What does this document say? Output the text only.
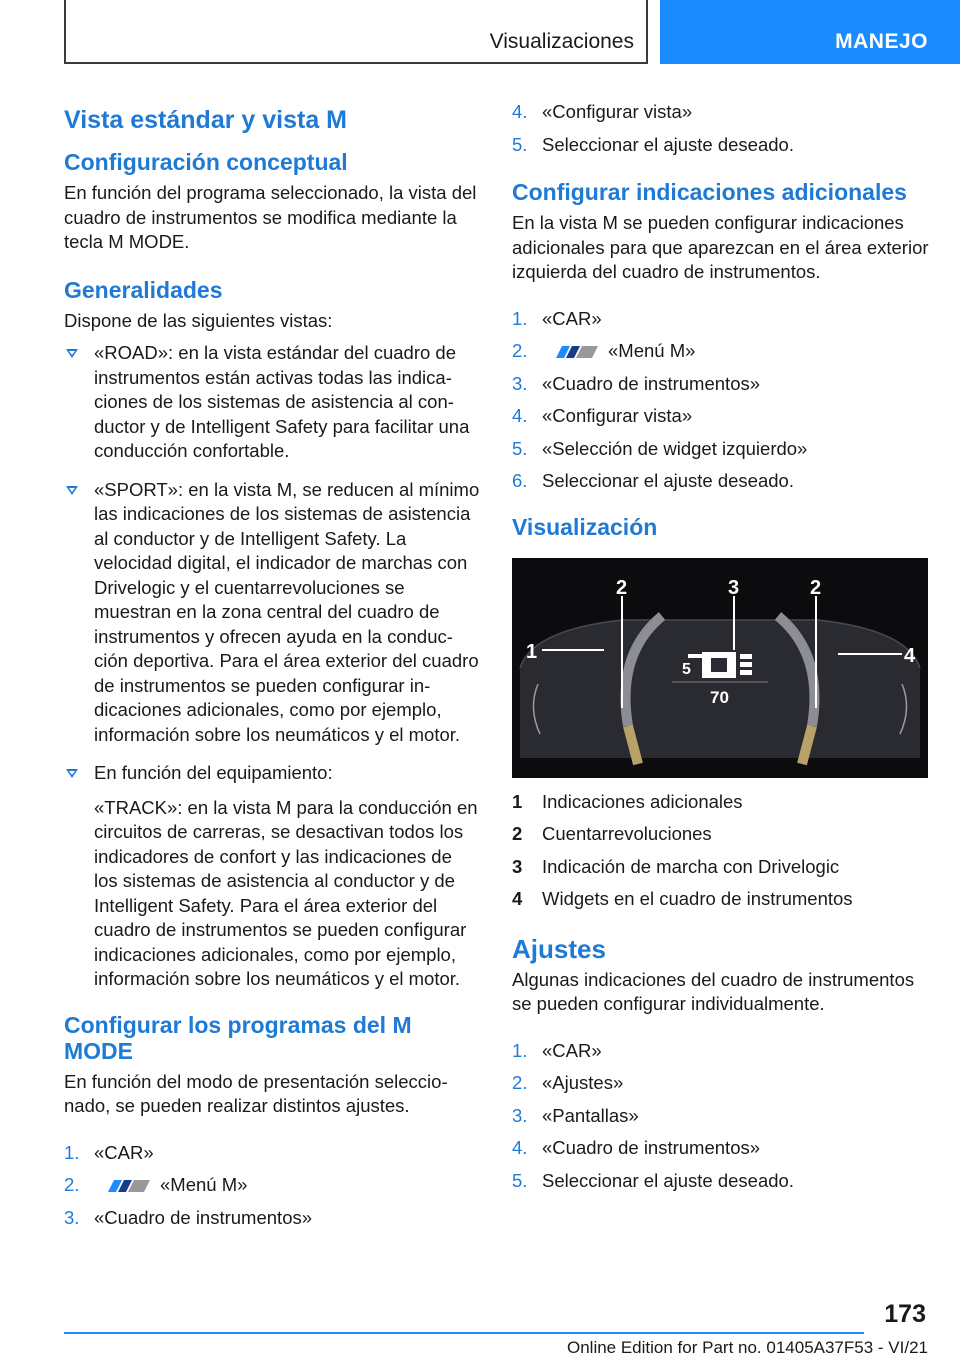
Visualizaciones	MANEJO
Vista estándar y vista M
Configuración conceptual
En función del programa seleccionado, la vista del cuadro de instrumentos se modifica mediante la tecla M MODE.
Generalidades
Dispone de las siguientes vistas:
«ROAD»: en la vista estándar del cuadro de instrumentos están activas todas las indicaciones de los sistemas de asistencia al conductor y de Intelligent Safety para facilitar una conducción confortable.
«SPORT»: en la vista M, se reducen al mínimo las indicaciones de los sistemas de asistencia al conductor y de Intelligent Safety. La velocidad digital, el indicador de marchas con Drivelogic y el cuentarrevoluciones se muestran en la zona central del cuadro de instrumentos y ofrecen ayuda en la conducción deportiva. Para el área exterior del cuadro de instrumentos se pueden configurar indicaciones adicionales, como por ejemplo, información sobre los neumáticos y el motor.
En función del equipamiento:
«TRACK»: en la vista M para la conducción en circuitos de carreras, se desactivan todos los indicadores de confort y las indicaciones de los sistemas de asistencia al conductor y de Intelligent Safety. Para el área exterior del cuadro de instrumentos se pueden configurar indicaciones adicionales, como por ejemplo, información sobre los neumáticos y el motor.
Configurar los programas del M MODE
En función del modo de presentación seleccionado, se pueden realizar distintos ajustes.
1. «CAR»
2.	«Menú M»
3. «Cuadro de instrumentos»
4. «Configurar vista»
5. Seleccionar el ajuste deseado.
Configurar indicaciones adicionales
En la vista M se pueden configurar indicaciones adicionales para que aparezcan en el área exterior izquierda del cuadro de instrumentos.
1. «CAR»
2.	«Menú M»
3. «Cuadro de instrumentos»
4. «Configurar vista»
5. «Selección de widget izquierdo»
6. Seleccionar el ajuste deseado.
Visualización
5
70
1
2	3	2
4
1 Indicaciones adicionales
2 Cuentarrevoluciones
3 Indicación de marcha con Drivelogic
4 Widgets en el cuadro de instrumentos
Ajustes
Algunas indicaciones del cuadro de instrumentos se pueden configurar individualmente.
1. «CAR»
2. «Ajustes»
3. «Pantallas»
4. «Cuadro de instrumentos»
5. Seleccionar el ajuste deseado.
173
Online Edition for Part no. 01405A37F53 - VI/21
